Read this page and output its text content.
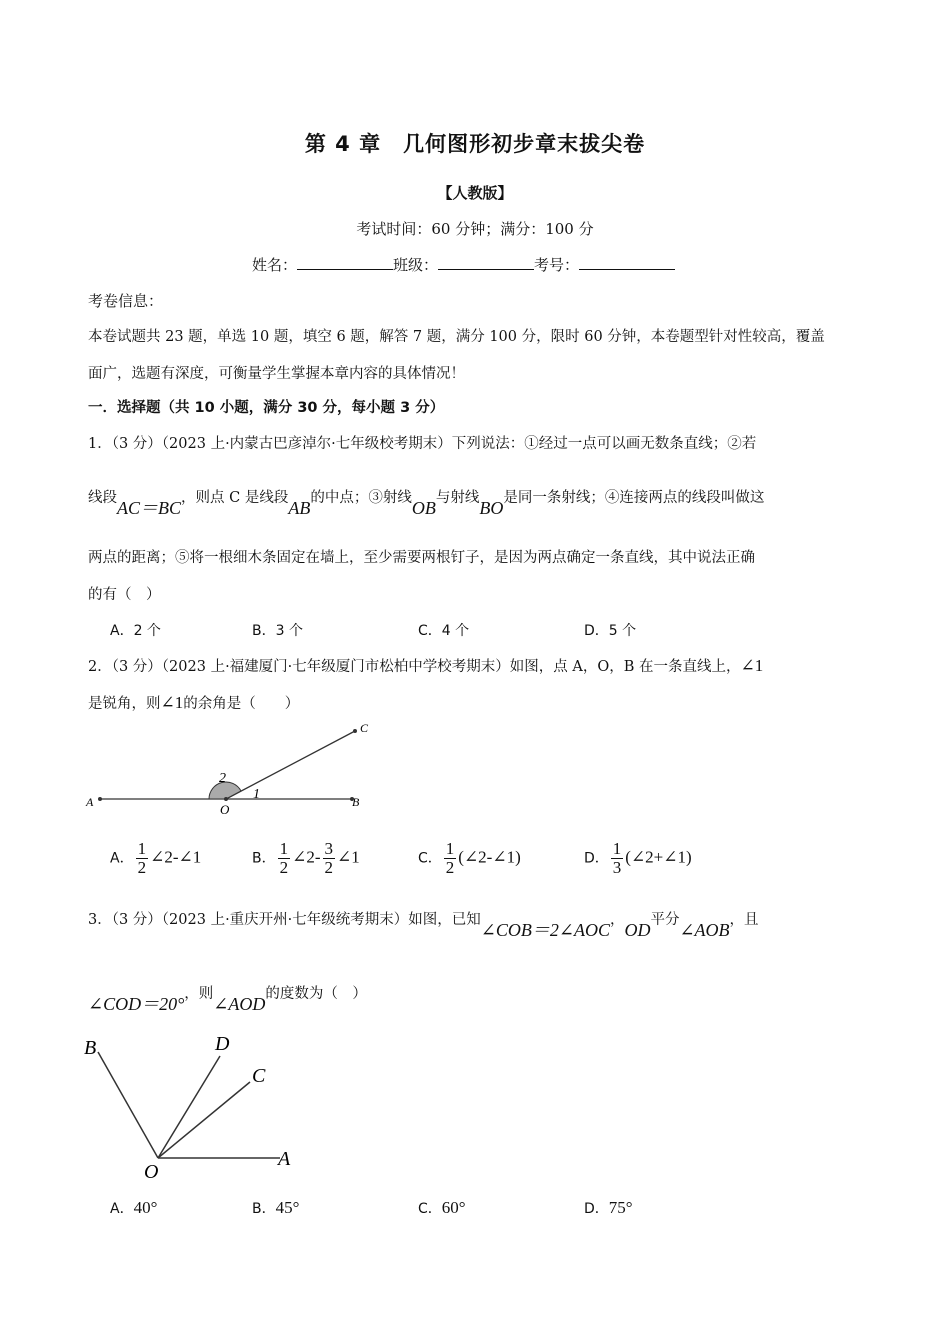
第 4 章　几何图形初步章末拔尖卷
【人教版】
考试时间：60 分钟；满分：100 分
姓名：	班级：	考号：
考卷信息：
本卷试题共 23 题，单选 10 题，填空 6 题，解答 7 题，满分 100 分，限时 60 分钟，本卷题型针对性较高，覆盖
面广，选题有深度，可衡量学生掌握本章内容的具体情况！
一．选择题（共 10 小题，满分 30 分，每小题 3 分）
1．（3 分）（2023 上·内蒙古巴彦淖尔·七年级校考期末）下列说法：①经过一点可以画无数条直线；②若
线段AC＝BC，则点 C 是线段AB的中点；③射线OB与射线BO是同一条射线；④连接两点的线段叫做这
两点的距离；⑤将一根细木条固定在墙上，至少需要两根钉子，是因为两点确定一条直线，其中说法正确
的有（　）
A．2 个	B．3 个	C．4 个	D．5 个
2．（3 分）（2023 上·福建厦门·七年级厦门市松柏中学校考期末）如图，点 A，O，B 在一条直线上，∠1
是锐角，则∠1的余角是（　　）
A	O	B
C
1
2
A． $\frac{1}{2}$ ∠2-∠1	B． $\frac{1}{2}$ ∠2- $\frac{3}{2}$ ∠1	C． $\frac{1}{2}$ (∠2-∠1)	D． $\frac{1}{3}$ (∠2+∠1)
3．（3 分）（2023 上·重庆开州·七年级统考期末）如图，已知∠COB＝2∠AOC，OD平分∠AOB，且
∠COD＝20°，则∠AOD的度数为（　）
B	D
C
O
A
A．40°	B．45°	C．60°	D．75°
